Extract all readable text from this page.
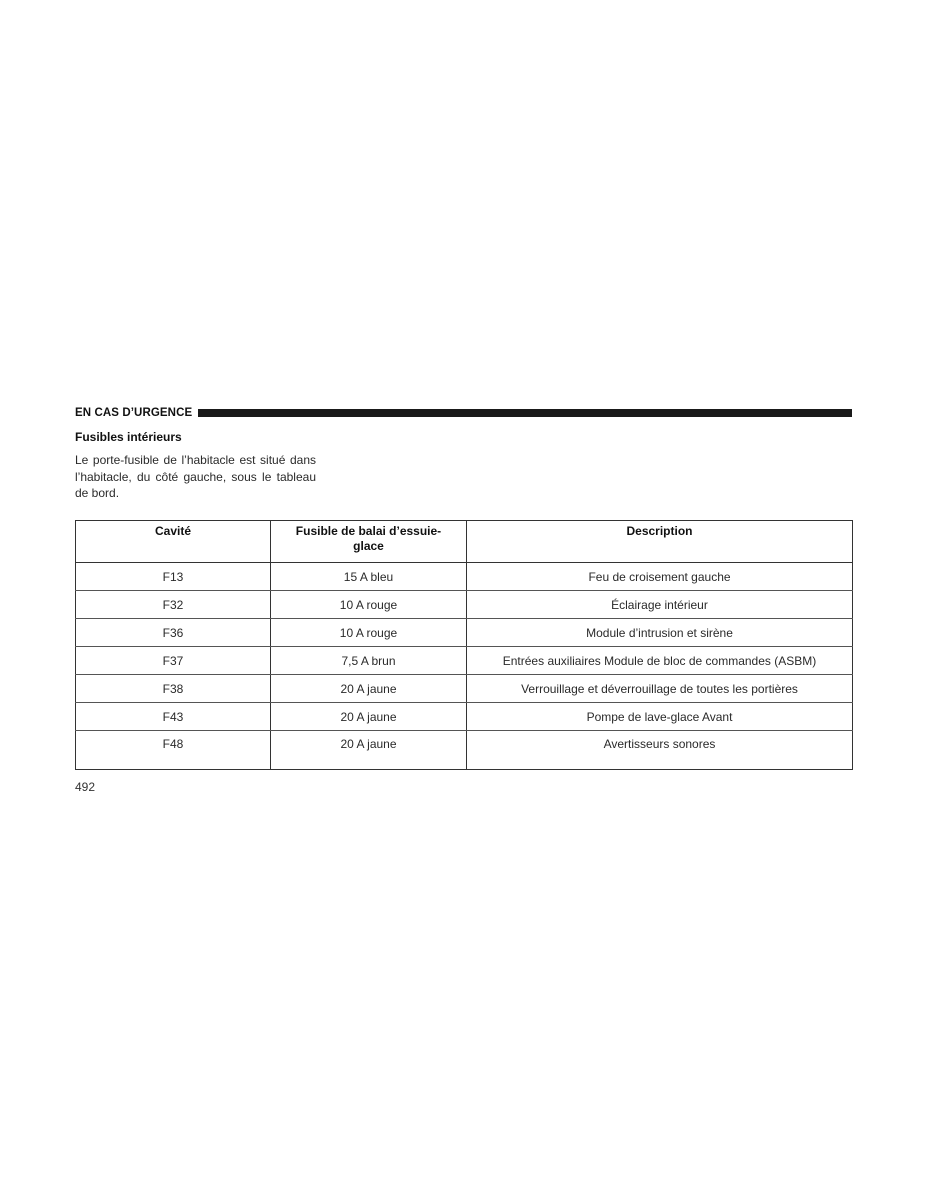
EN CAS D’URGENCE
Fusibles intérieurs

Le porte-fusible de l’habitacle est situé dans l’habitacle, du côté gauche, sous le tableau de bord.

Cavité	Fusible de balai d’essuie-glace	Description
F13	15 A bleu	Feu de croisement gauche
F32	10 A rouge	Éclairage intérieur
F36	10 A rouge	Module d’intrusion et sirène
F37	7,5 A brun	Entrées auxiliaires Module de bloc de commandes (ASBM)
F38	20 A jaune	Verrouillage et déverrouillage de toutes les portières
F43	20 A jaune	Pompe de lave-glace Avant
F48	20 A jaune	Avertisseurs sonores
492
